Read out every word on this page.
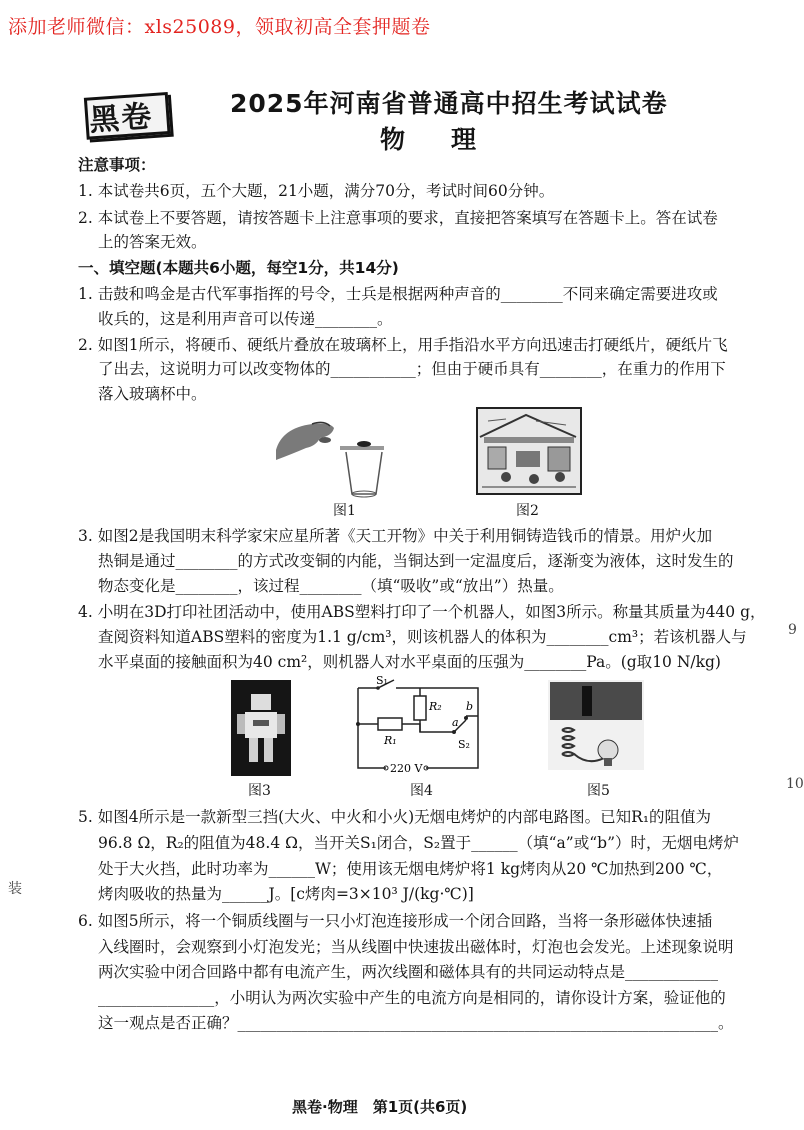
添加老师微信：xls25089，领取初高全套押题卷
黑卷	2025年河南省普通高中招生考试试卷
物 理
注意事项：
1. 本试卷共6页，五个大题，21小题，满分70分，考试时间60分钟。
2. 本试卷上不要答题，请按答题卡上注意事项的要求，直接把答案填写在答题卡上。答在试卷
上的答案无效。
一、填空题(本题共6小题，每空1分，共14分)
1. 击鼓和鸣金是古代军事指挥的号令，士兵是根据两种声音的________不同来确定需要进攻或
收兵的，这是利用声音可以传递________。
2. 如图1所示，将硬币、硬纸片叠放在玻璃杯上，用手指沿水平方向迅速击打硬纸片，硬纸片飞
了出去，这说明力可以改变物体的___________；但由于硬币具有________，在重力的作用下
落入玻璃杯中。
图1	图2
3. 如图2是我国明末科学家宋应星所著《天工开物》中关于利用铜铸造钱币的情景。用炉火加
热铜是通过________的方式改变铜的内能，当铜达到一定温度后，逐渐变为液体，这时发生的
物态变化是________，该过程________（填“吸收”或“放出”）热量。
4. 小明在3D打印社团活动中，使用ABS塑料打印了一个机器人，如图3所示。称量其质量为440 g，
查阅资料知道ABS塑料的密度为1.1 g/cm³，则该机器人的体积为________cm³；若该机器人与
水平桌面的接触面积为40 cm²，则机器人对水平桌面的压强为________Pa。(g取10 N/kg)
图3
S₁
R₂
R₁
a
b
S₂
220 V
图4	图5
5. 如图4所示是一款新型三挡(大火、中火和小火)无烟电烤炉的内部电路图。已知R₁的阻值为
96.8 Ω，R₂的阻值为48.4 Ω，当开关S₁闭合，S₂置于______（填“a”或“b”）时，无烟电烤炉
处于大火挡，此时功率为______W；使用该无烟电烤炉将1 kg烤肉从20 ℃加热到200 ℃，
烤肉吸收的热量为______J。[c烤肉=3×10³ J/(kg·℃)]
6. 如图5所示，将一个铜质线圈与一只小灯泡连接形成一个闭合回路，当将一条形磁体快速插
入线圈时，会观察到小灯泡发光；当从线圈中快速拔出磁体时，灯泡也会发光。上述现象说明
两次实验中闭合回路中都有电流产生，两次线圈和磁体具有的共同运动特点是____________
_______________，小明认为两次实验中产生的电流方向是相同的，请你设计方案，验证他的
这一观点是否正确？______________________________________________________________。
装
9
10
黑卷·物理　第1页(共6页)
